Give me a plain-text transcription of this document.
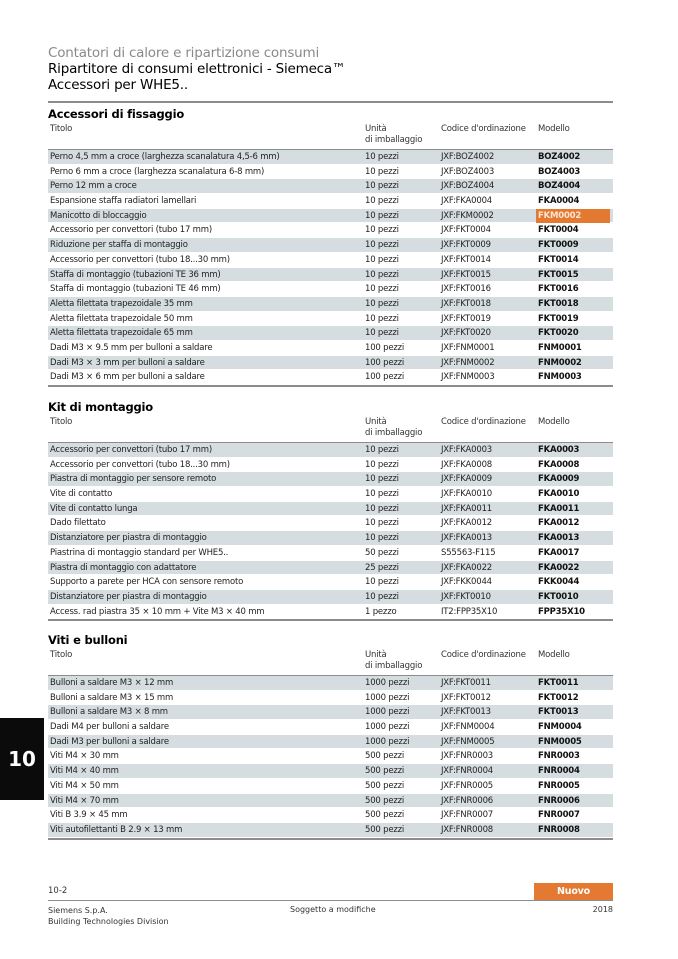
Contatori di calore e ripartizione consumi
Ripartitore di consumi elettronici - Siemeca™
Accessori per WHE5..
Accessori di fissaggio
Titolo	Unità
di imballaggio
Codice d'ordinazione	Modello
Perno 4,5 mm a croce (larghezza scanalatura 4,5-6 mm)	10 pezzi	JXF:BOZ4002	BOZ4002
Perno 6 mm a croce (larghezza scanalatura 6-8 mm)	10 pezzi	JXF:BOZ4003	BOZ4003
Perno 12 mm a croce	10 pezzi	JXF:BOZ4004	BOZ4004
Espansione staffa radiatori lamellari	10 pezzi	JXF:FKA0004	FKA0004
Manicotto di bloccaggio	10 pezzi	JXF:FKM0002	FKM0002
Accessorio per convettori (tubo 17 mm)	10 pezzi	JXF:FKT0004	FKT0004
Riduzione per staffa di montaggio	10 pezzi	JXF:FKT0009	FKT0009
Accessorio per convettori (tubo 18...30 mm)	10 pezzi	JXF:FKT0014	FKT0014
Staffa di montaggio (tubazioni TE 36 mm)	10 pezzi	JXF:FKT0015	FKT0015
Staffa di montaggio (tubazioni TE 46 mm)	10 pezzi	JXF:FKT0016	FKT0016
Aletta filettata trapezoidale 35 mm	10 pezzi	JXF:FKT0018	FKT0018
Aletta filettata trapezoidale 50 mm	10 pezzi	JXF:FKT0019	FKT0019
Aletta filettata trapezoidale 65 mm	10 pezzi	JXF:FKT0020	FKT0020
Dadi M3 × 9.5 mm per bulloni a saldare	100 pezzi	JXF:FNM0001	FNM0001
Dadi M3 × 3 mm per bulloni a saldare	100 pezzi	JXF:FNM0002	FNM0002
Dadi M3 × 6 mm per bulloni a saldare	100 pezzi	JXF:FNM0003	FNM0003
Kit di montaggio
Titolo	Unità
di imballaggio
Codice d'ordinazione	Modello
Accessorio per convettori (tubo 17 mm)	10 pezzi	JXF:FKA0003	FKA0003
Accessorio per convettori (tubo 18...30 mm)	10 pezzi	JXF:FKA0008	FKA0008
Piastra di montaggio per sensore remoto	10 pezzi	JXF:FKA0009	FKA0009
Vite di contatto	10 pezzi	JXF:FKA0010	FKA0010
Vite di contatto lunga	10 pezzi	JXF:FKA0011	FKA0011
Dado filettato	10 pezzi	JXF:FKA0012	FKA0012
Distanziatore per piastra di montaggio	10 pezzi	JXF:FKA0013	FKA0013
Piastrina di montaggio standard per WHE5..	50 pezzi	S55563-F115	FKA0017
Piastra di montaggio con adattatore	25 pezzi	JXF:FKA0022	FKA0022
Supporto a parete per HCA con sensore remoto	10 pezzi	JXF:FKK0044	FKK0044
Distanziatore per piastra di montaggio	10 pezzi	JXF:FKT0010	FKT0010
Access. rad piastra 35 × 10 mm + Vite M3 × 40 mm	1 pezzo	IT2:FPP35X10	FPP35X10
Viti e bulloni
Titolo	Unità
di imballaggio
Codice d'ordinazione	Modello
Bulloni a saldare M3 × 12 mm	1000 pezzi	JXF:FKT0011	FKT0011
Bulloni a saldare M3 × 15 mm	1000 pezzi	JXF:FKT0012	FKT0012
Bulloni a saldare M3 × 8 mm	1000 pezzi	JXF:FKT0013	FKT0013
Dadi M4 per bulloni a saldare	1000 pezzi	JXF:FNM0004	FNM0004
Dadi M3 per bulloni a saldare	1000 pezzi	JXF:FNM0005	FNM0005
Viti M4 × 30 mm	500 pezzi	JXF:FNR0003	FNR0003
Viti M4 × 40 mm	500 pezzi	JXF:FNR0004	FNR0004
Viti M4 × 50 mm	500 pezzi	JXF:FNR0005	FNR0005
Viti M4 × 70 mm	500 pezzi	JXF:FNR0006	FNR0006
Viti B 3.9 × 45 mm	500 pezzi	JXF:FNR0007	FNR0007
Viti autofilettanti B 2.9 × 13 mm	500 pezzi	JXF:FNR0008	FNR0008
10
10-2	Nuovo prodotto
Siemens S.p.A.
Building Technologies Division
Soggetto a modifiche	2018
